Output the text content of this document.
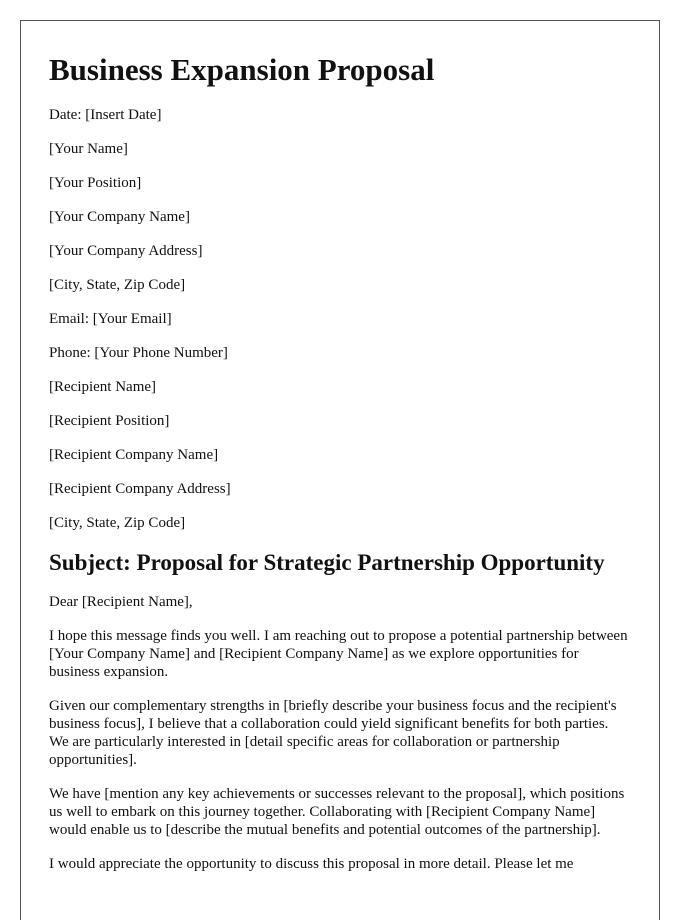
Business Expansion Proposal
Date: [Insert Date]
[Your Name]
[Your Position]
[Your Company Name]
[Your Company Address]
[City, State, Zip Code]
Email: [Your Email]
Phone: [Your Phone Number]
[Recipient Name]
[Recipient Position]
[Recipient Company Name]
[Recipient Company Address]
[City, State, Zip Code]
Subject: Proposal for Strategic Partnership Opportunity
Dear [Recipient Name],
I hope this message finds you well. I am reaching out to propose a potential partnership between [Your Company Name] and [Recipient Company Name] as we explore opportunities for business expansion.
Given our complementary strengths in [briefly describe your business focus and the recipient's business focus], I believe that a collaboration could yield significant benefits for both parties. We are particularly interested in [detail specific areas for collaboration or partnership opportunities].
We have [mention any key achievements or successes relevant to the proposal], which positions us well to embark on this journey together. Collaborating with [Recipient Company Name] would enable us to [describe the mutual benefits and potential outcomes of the partnership].
I would appreciate the opportunity to discuss this proposal in more detail. Please let me
